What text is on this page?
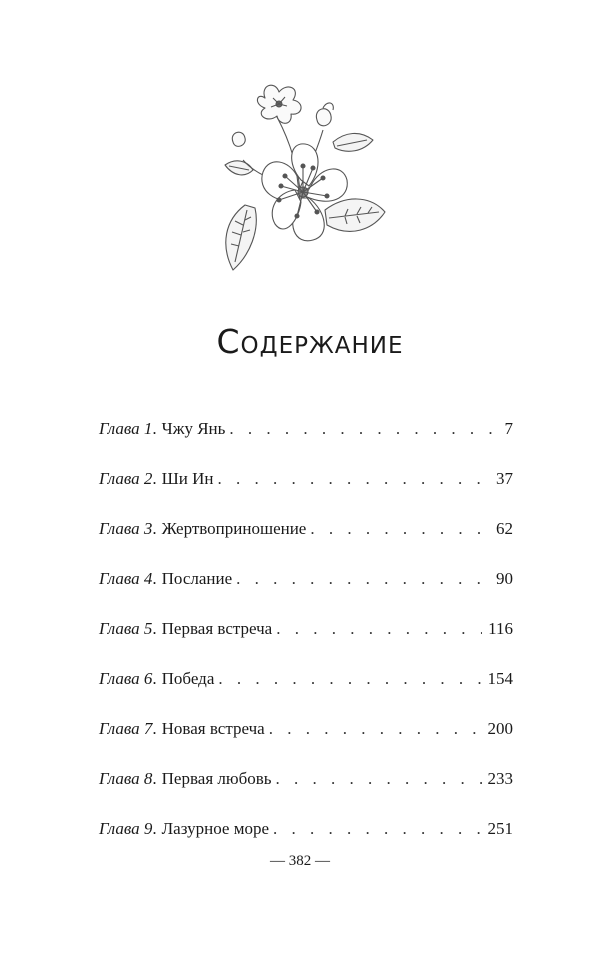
Содержание
Глава 1 . Чжу Янь . . .	7
Глава 2 . Ши Ин . . .	37
Глава 3 . Жертвоприношение . . .	62
Глава 4 . Послание . . .	90
Глава 5 . Первая встреча . . .	116
Глава 6 . Победа . . .	154
Глава 7 . Новая встреча . . .	200
Глава 8 . Первая любовь . . .	233
Глава 9 . Лазурное море . . .	251
— 382 —
